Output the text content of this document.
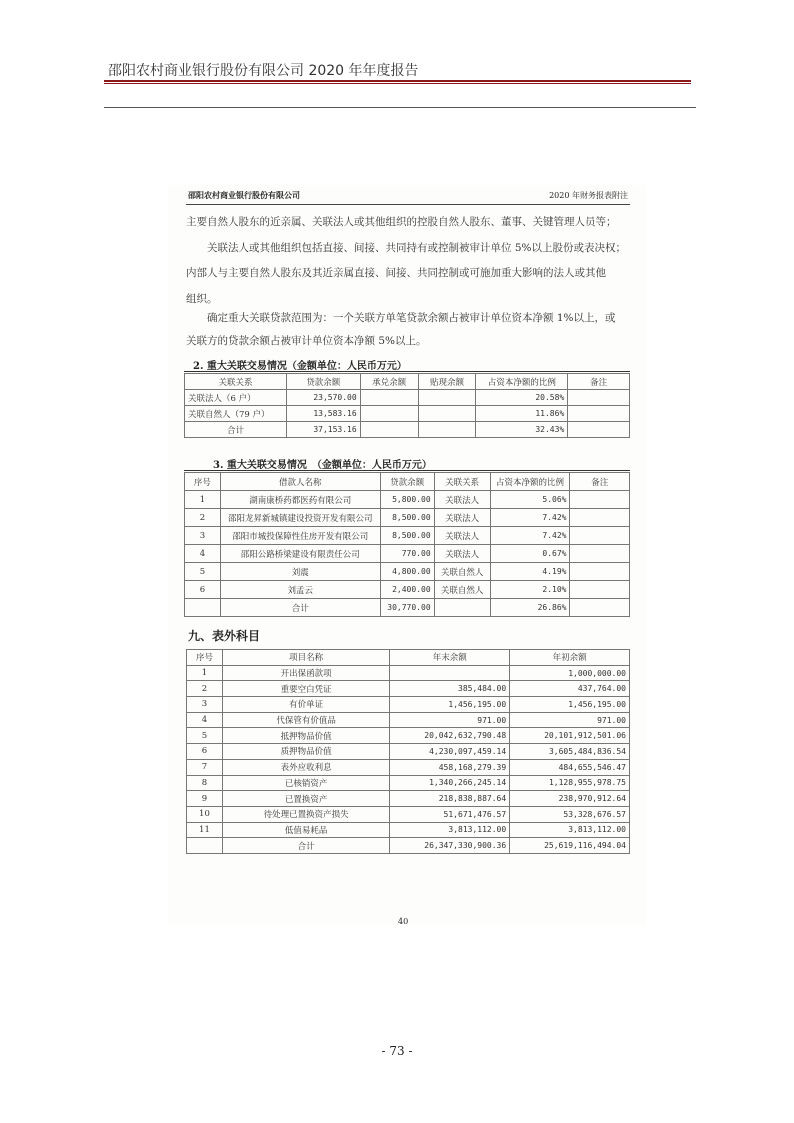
邵阳农村商业银行股份有限公司 2020 年年度报告
邵阳农村商业银行股份有限公司	2020 年财务报表附注
主要自然人股东的近亲属、关联法人或其他组织的控股自然人股东、董事、关键管理人员等；
　　关联法人或其他组织包括直接、间接、共同持有或控制被审计单位 5%以上股份或表决权；
内部人与主要自然人股东及其近亲属直接、间接、共同控制或可施加重大影响的法人或其他
组织。
　　确定重大关联贷款范围为：一个关联方单笔贷款余额占被审计单位资本净额 1%以上，或
关联方的贷款余额占被审计单位资本净额 5%以上。
2. 重大关联交易情况（金额单位：人民币万元）
关联关系	贷款余额	承兑余额	贴现余额	占资本净额的比例	备注
关联法人（6 户）	23,570.00			20.58%	
关联自然人（79 户）	13,583.16			11.86%	
合计	37,153.16			32.43%	
3. 重大关联交易情况　（金额单位：人民币万元）
序号	借款人名称	贷款余额	关联关系	占资本净额的比例	备注
1	湖南康桥药都医药有限公司	5,800.00	关联法人	5.06%	
2	邵阳龙昇新城镇建设投资开发有限公司	8,500.00	关联法人	7.42%	
3	邵阳市城投保障性住房开发有限公司	8,500.00	关联法人	7.42%	
4	邵阳公路桥梁建设有限责任公司	770.00	关联法人	0.67%	
5	刘震	4,800.00	关联自然人	4.19%	
6	刘孟云	2,400.00	关联自然人	2.10%	
	合计	30,770.00		26.86%	
九、表外科目
序号	项目名称	年末余额	年初余额
1	开出保函款项		1,000,000.00
2	重要空白凭证	385,484.00	437,764.00
3	有价单证	1,456,195.00	1,456,195.00
4	代保管有价值品	971.00	971.00
5	抵押物品价值	20,042,632,790.48	20,101,912,501.06
6	质押物品价值	4,230,097,459.14	3,605,484,836.54
7	表外应收利息	458,168,279.39	484,655,546.47
8	已核销资产	1,340,266,245.14	1,128,955,978.75
9	已置换资产	218,838,887.64	238,970,912.64
10	待处理已置换资产损失	51,671,476.57	53,328,676.57
11	低值易耗品	3,813,112.00	3,813,112.00
	合计	26,347,330,900.36	25,619,116,494.04
40
- 73 -
